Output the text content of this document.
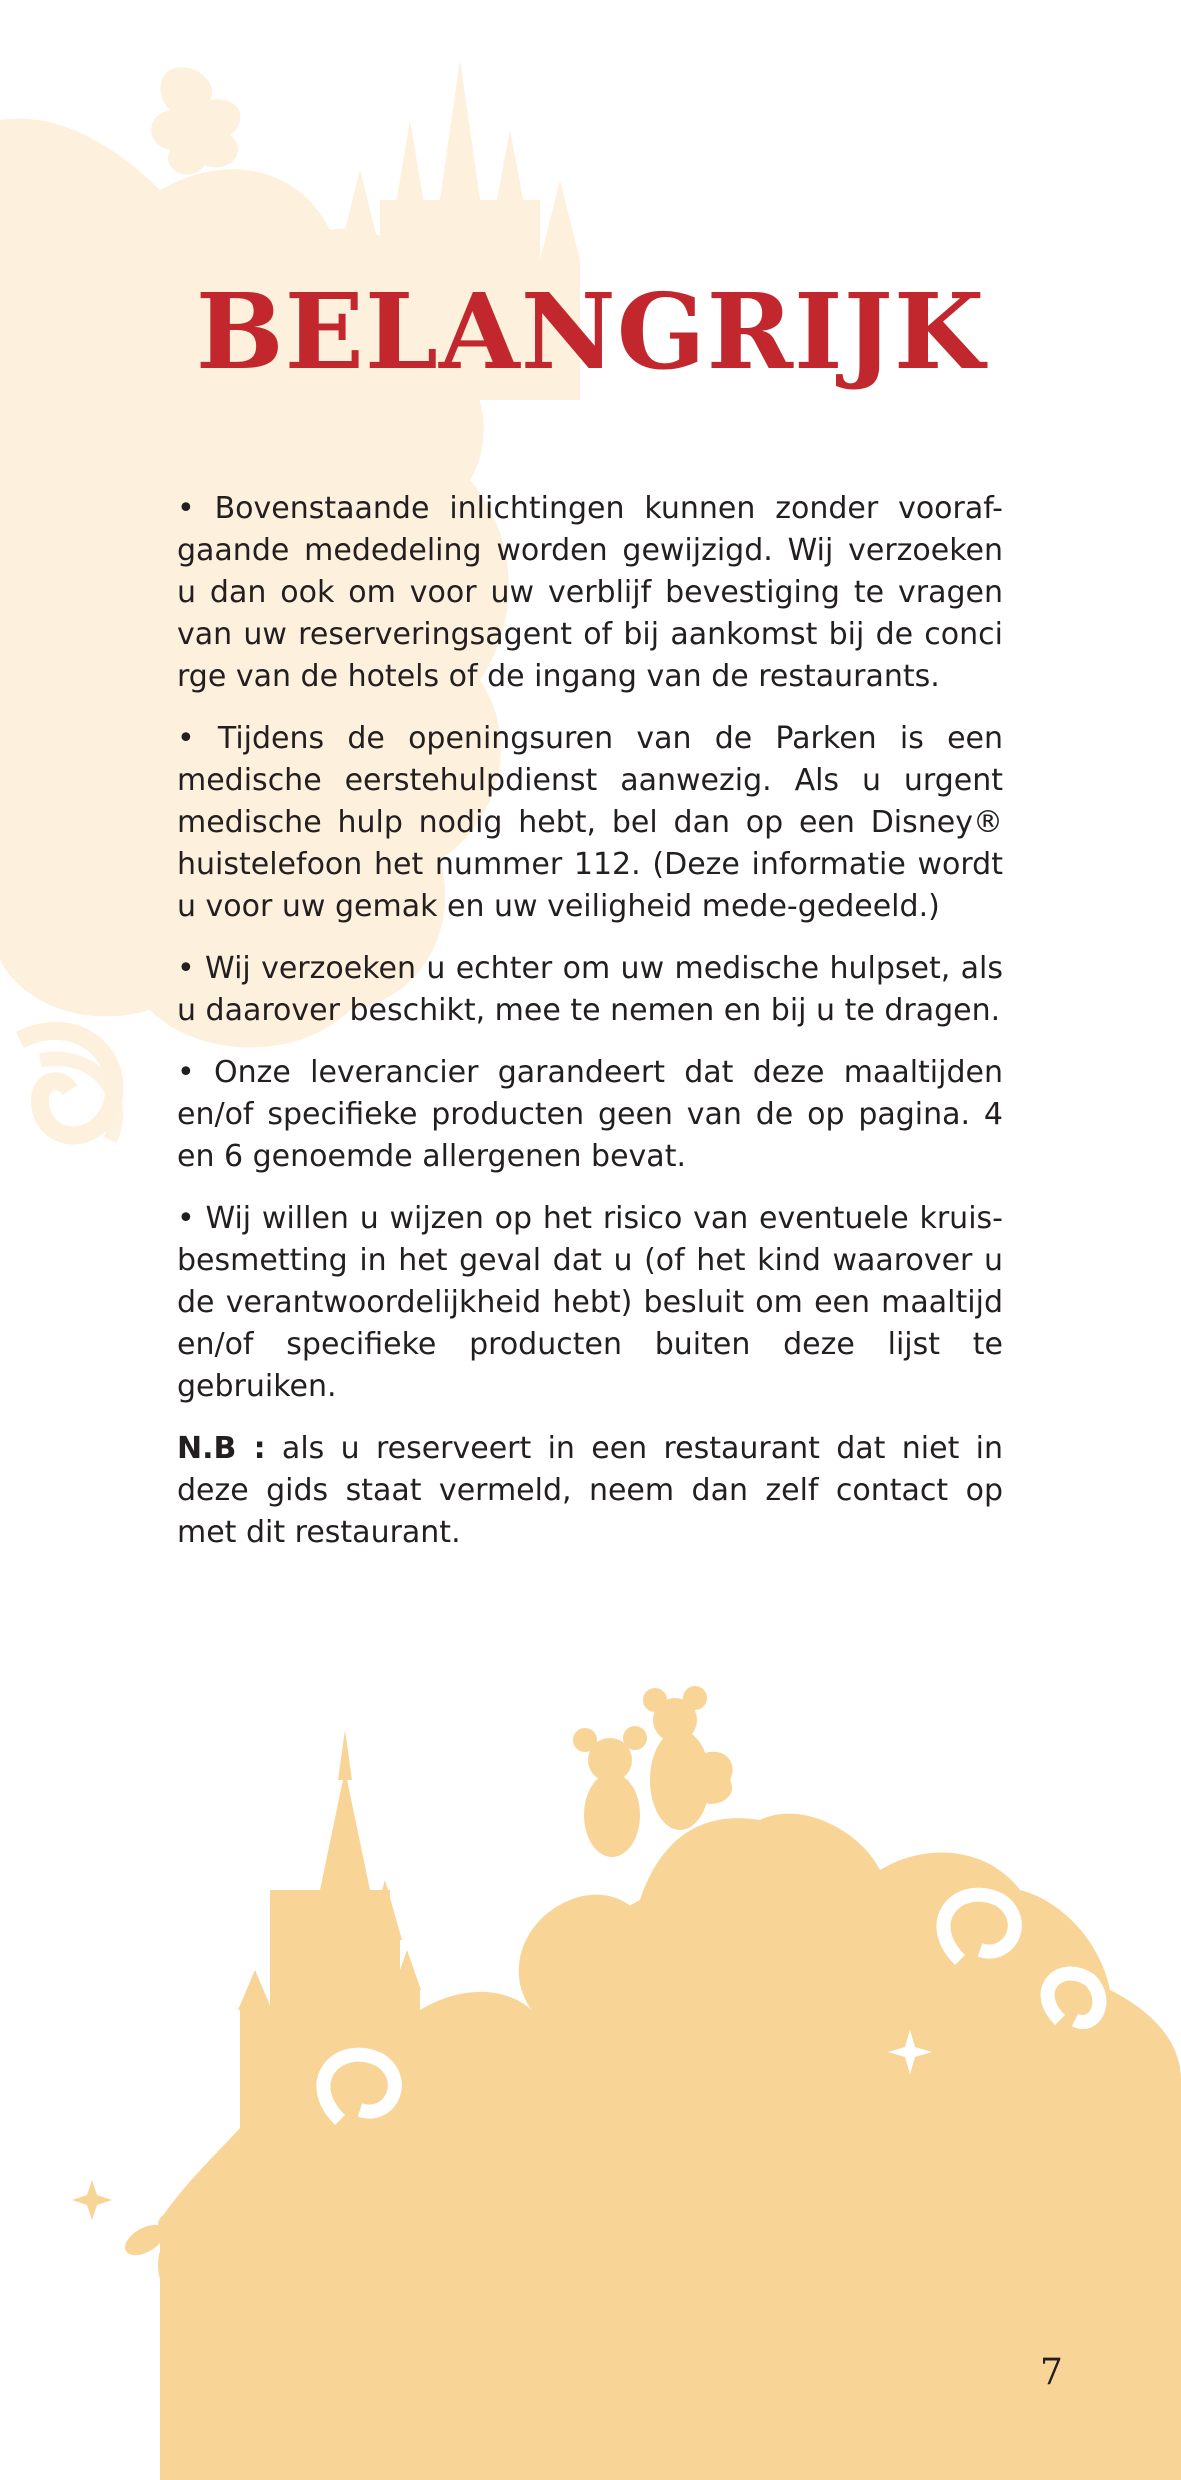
BELANGRIJK

• Bovenstaande inlichtingen kunnen zonder vooraf-gaande mededeling worden gewijzigd. Wij verzoeken u dan ook om voor uw verblijf bevestiging te vragen van uw reserveringsagent of bij aankomst bij de conci rge van de hotels of de ingang van de restaurants.

• Tijdens de openingsuren van de Parken is een medische eerstehulpdienst aanwezig. Als u urgent medische hulp nodig hebt, bel dan op een Disney® huistelefoon het nummer 112. (Deze informatie wordt u voor uw gemak en uw veiligheid mede-gedeeld.)

• Wij verzoeken u echter om uw medische hulpset, als u daarover beschikt, mee te nemen en bij u te dragen.

• Onze leverancier garandeert dat deze maaltijden en/of specifieke producten geen van de op pagina. 4 en 6 genoemde allergenen bevat.

• Wij willen u wijzen op het risico van eventuele kruis-besmetting in het geval dat u (of het kind waarover u de verantwoordelijkheid hebt) besluit om een maaltijd en/of specifieke producten buiten deze lijst te gebruiken.

N.B : als u reserveert in een restaurant dat niet in deze gids staat vermeld, neem dan zelf contact op met dit restaurant.

7
